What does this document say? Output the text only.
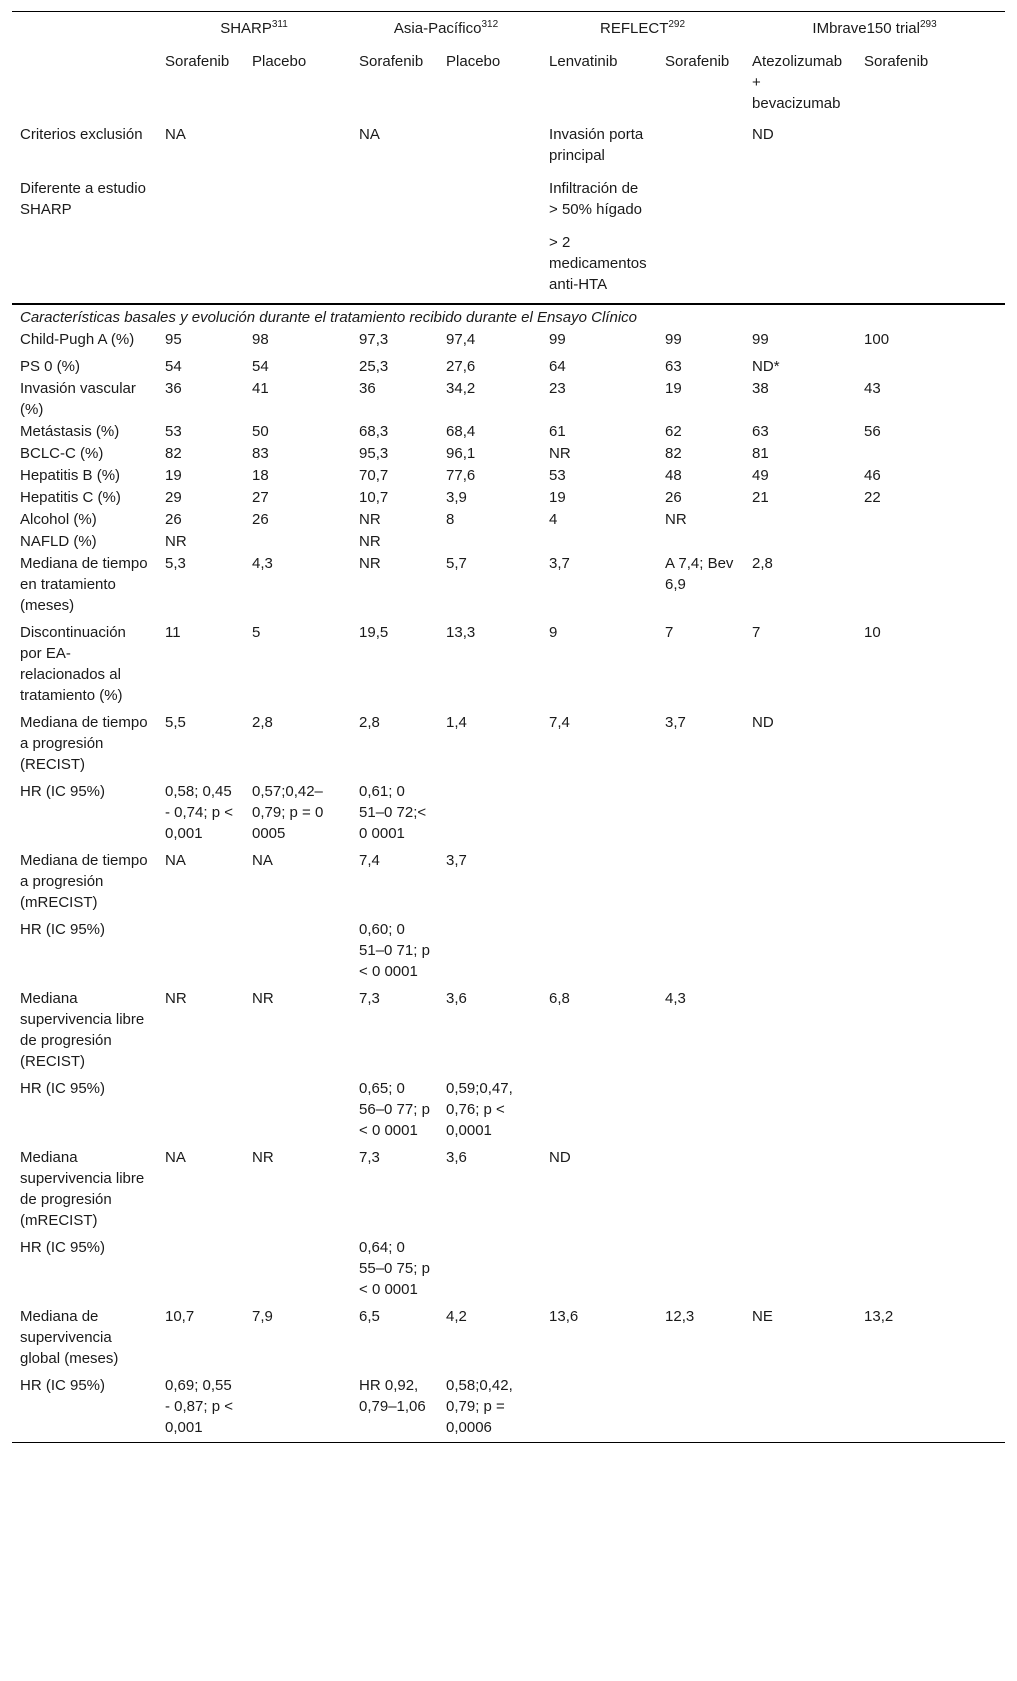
	SHARP$^{311}$		Asia-Pacífico$^{312}$		REFLECT$^{292}$		IMbrave150 trial$^{293}$
	Sorafenib	Placebo	Sorafenib	Placebo	Lenvatinib	Sorafenib	Atezolizumab + bevacizumab	Sorafenib
Criterios exclusión	NA		NA		Invasión porta principal		ND	
Diferente a estudio SHARP					Infiltración de > 50% hígado			
					> 2 medicamentos anti-HTA			
Características basales y evolución durante el tratamiento recibido durante el Ensayo Clínico								
Child-Pugh A (%)	95	98	97,3	97,4	99	99	99	100
PS 0 (%)	54	54	25,3	27,6	64	63	ND*	
Invasión vascular (%)	36	41	36	34,2	23	19	38	43
Metástasis (%)	53	50	68,3	68,4	61	62	63	56
BCLC-C (%)	82	83	95,3	96,1	NR	82	81	
Hepatitis B (%)	19	18	70,7	77,6	53	48	49	46
Hepatitis C (%)	29	27	10,7	3,9	19	26	21	22
Alcohol (%)	26	26	NR	8	4	NR		
NAFLD (%)	NR		NR					
Mediana de tiempo en tratamiento (meses)	5,3	4,3	NR	5,7	3,7	A 7,4; Bev 6,9	2,8	
Discontinuación por EA-relacionados al tratamiento (%)	11	5	19,5	13,3	9	7	7	10
Mediana de tiempo a progresión (RECIST)	5,5	2,8	2,8	1,4	7,4	3,7	ND	
HR (IC 95%)	0,58; 0,45 - 0,74; p < 0,001	0,57;0,42–0,79; p = 0 0005	0,61; 0 51–0 72;< 0 0001					
Mediana de tiempo a progresión (mRECIST)	NA	NA	7,4	3,7				
HR (IC 95%)			0,60; 0 51–0 71; p < 0 0001					
Mediana supervivencia libre de progresión (RECIST)	NR	NR	7,3	3,6	6,8	4,3		
HR (IC 95%)			0,65; 0 56–0 77; p < 0 0001	0,59;0,47, 0,76; p < 0,0001				
Mediana supervivencia libre de progresión (mRECIST)	NA	NR	7,3	3,6	ND			
HR (IC 95%)			0,64; 0 55–0 75; p < 0 0001					
Mediana de supervivencia global (meses)	10,7	7,9	6,5	4,2	13,6	12,3	NE	13,2
HR (IC 95%)	0,69; 0,55 - 0,87; p < 0,001		HR 0,92, 0,79–1,06	0,58;0,42, 0,79; p = 0,0006				
